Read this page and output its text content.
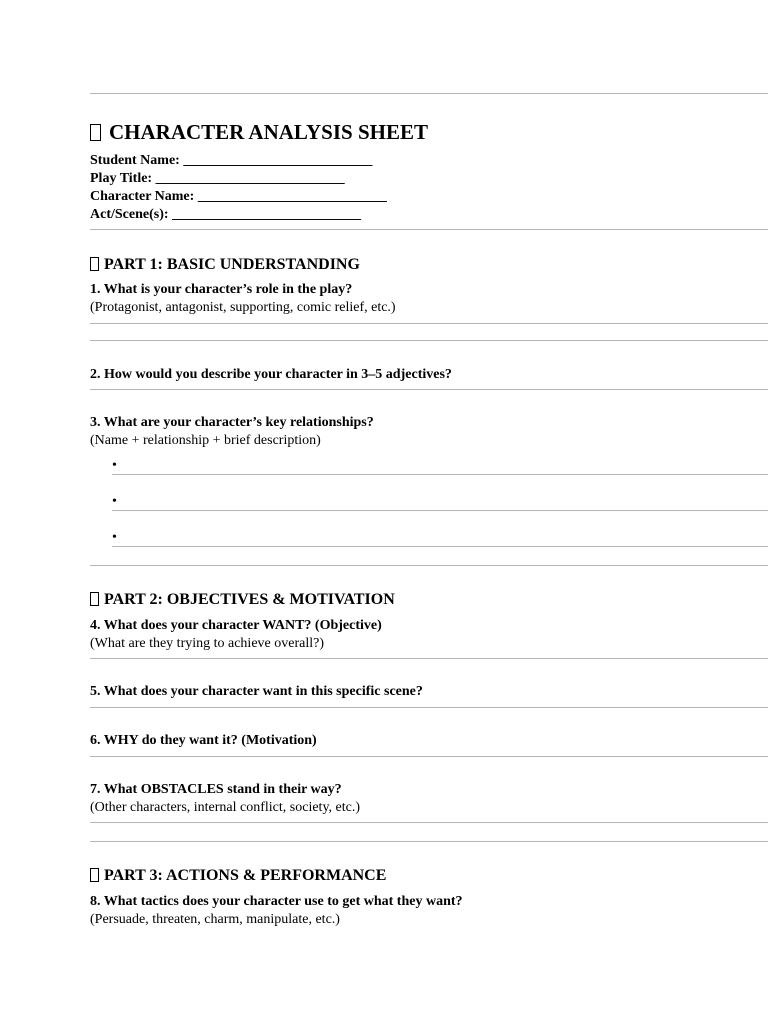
CHARACTER ANALYSIS SHEET
Student Name: ___________________________
Play Title: ___________________________
Character Name: ___________________________
Act/Scene(s): ___________________________
PART 1: BASIC UNDERSTANDING
1. What is your character’s role in the play?
(Protagonist, antagonist, supporting, comic relief, etc.)
2. How would you describe your character in 3–5 adjectives?
3. What are your character’s key relationships?
(Name + relationship + brief description)
•
•
•
PART 2: OBJECTIVES & MOTIVATION
4. What does your character WANT? (Objective)
(What are they trying to achieve overall?)
5. What does your character want in this specific scene?
6. WHY do they want it? (Motivation)
7. What OBSTACLES stand in their way?
(Other characters, internal conflict, society, etc.)
PART 3: ACTIONS & PERFORMANCE
8. What tactics does your character use to get what they want?
(Persuade, threaten, charm, manipulate, etc.)
